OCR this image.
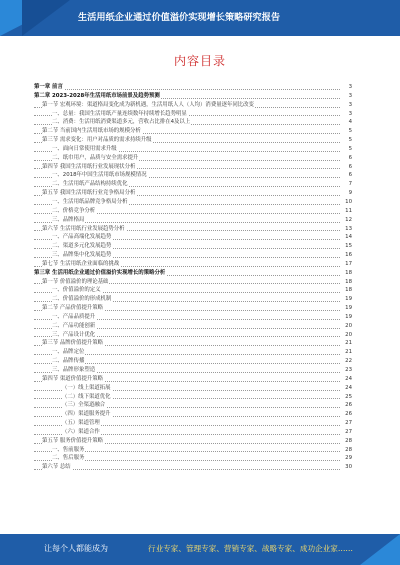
生活用纸企业通过价值溢价实现增长策略研究报告
内容目录
第一章 前言	3
第二章 2023-2028年生活用纸市场前景及趋势预测	3
第一节 宏观环境：渠道格局变化成为新机遇，生活用纸人人（人均）消费量逐年同比改变	3
一、总量：我国生活用纸产量连续数年持续增长趋势明显	3
二、消费：生活用纸消费渠道多元，营收占比排在4及以上	4
第二节 当前国内生活用纸市场的规模分析	5
第三节 需求变化：用户对品质的需求持续升级	5
一、面向日常使用需求升级	5
二、纸巾用户，品质与安全需求提升	6
第四节 我国生活用纸行业发展现状分析	6
一、2018年中国生活用纸市场规模情况	6
二、生活用纸产品结构持续优化	7
第五节 我国生活用纸行业竞争格局分析	9
一、生活用纸品牌竞争格局分析	10
二、价格竞争分析	11
三、品牌格局	12
第六节 生活用纸行业发展趋势分析	13
一、产品高端化发展趋势	14
二、渠道多元化发展趋势	15
三、品牌集中化发展趋势	16
第七节 生活用纸企业面临的挑战	17
第三章 生活用纸企业通过价值溢价实现增长的策略分析	18
第一节 价值溢价的理论基础	18
一、价值溢价的定义	18
二、价值溢价的形成机制	19
第二节 产品价值提升策略	19
一、产品品质提升	19
二、产品功能创新	20
三、产品设计优化	20
第三节 品牌价值提升策略	21
一、品牌定位	21
二、品牌传播	22
三、品牌形象塑造	23
第四节 渠道价值提升策略	24
（一）线上渠道拓展	24
（二）线下渠道优化	25
（三）全渠道融合	26
（四）渠道服务提升	26
（五）渠道管理	27
（六）渠道合作	27
第五节 服务价值提升策略	28
一、售前服务	28
二、售后服务	29
第六节 总结	30
让每个人都能成为	行业专家、管理专家、营销专家、战略专家、成功企业家……
